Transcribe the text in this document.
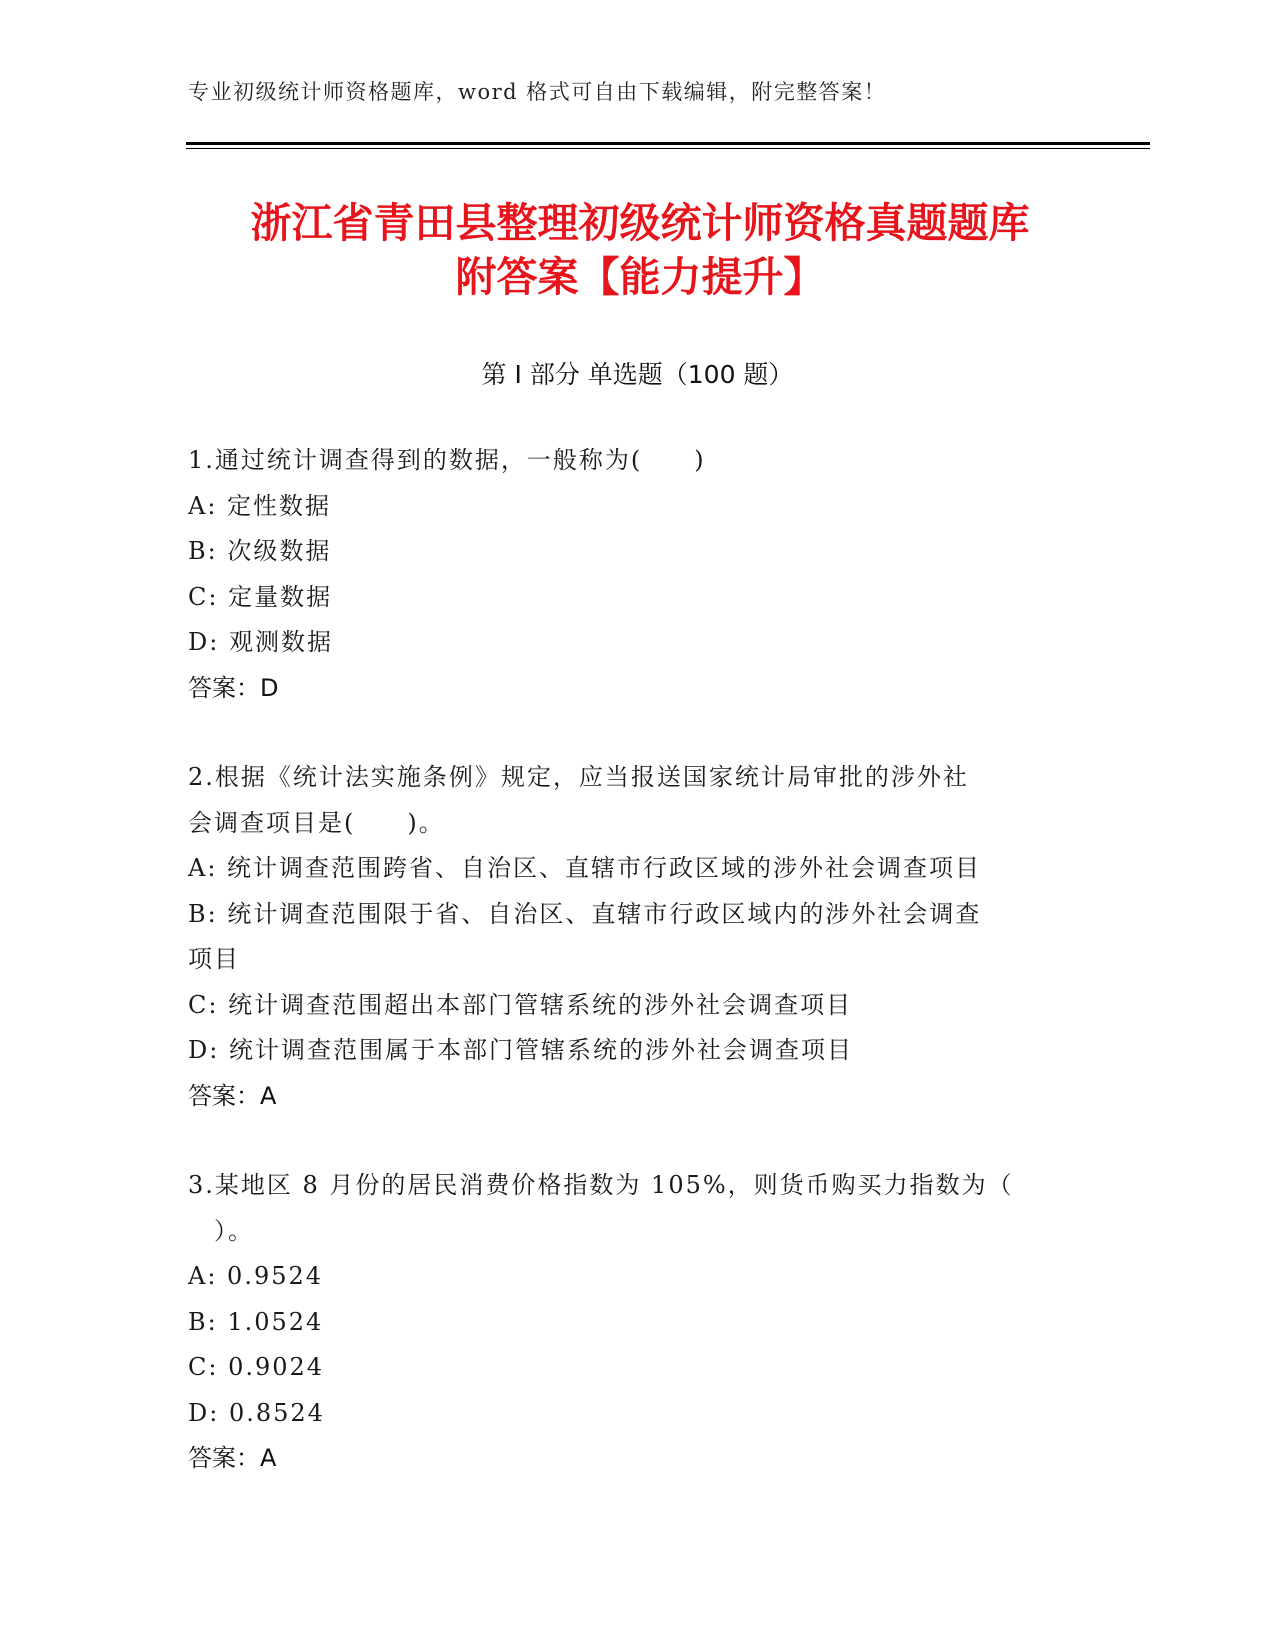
专业初级统计师资格题库，word 格式可自由下载编辑，附完整答案！
浙江省青田县整理初级统计师资格真题题库
附答案【能力提升】
第 I 部分 单选题（100 题）
1.通过统计调查得到的数据，一般称为(　　)
A: 定性数据
B: 次级数据
C: 定量数据
D: 观测数据
答案：D
2.根据《统计法实施条例》规定，应当报送国家统计局审批的涉外社
会调查项目是(　　)。
A: 统计调查范围跨省、自治区、直辖市行政区域的涉外社会调查项目
B: 统计调查范围限于省、自治区、直辖市行政区域内的涉外社会调查
项目
C: 统计调查范围超出本部门管辖系统的涉外社会调查项目
D: 统计调查范围属于本部门管辖系统的涉外社会调查项目
答案：A
3.某地区 8 月份的居民消费价格指数为 105%，则货币购买力指数为（
　）。
A: 0.9524
B: 1.0524
C: 0.9024
D: 0.8524
答案：A
